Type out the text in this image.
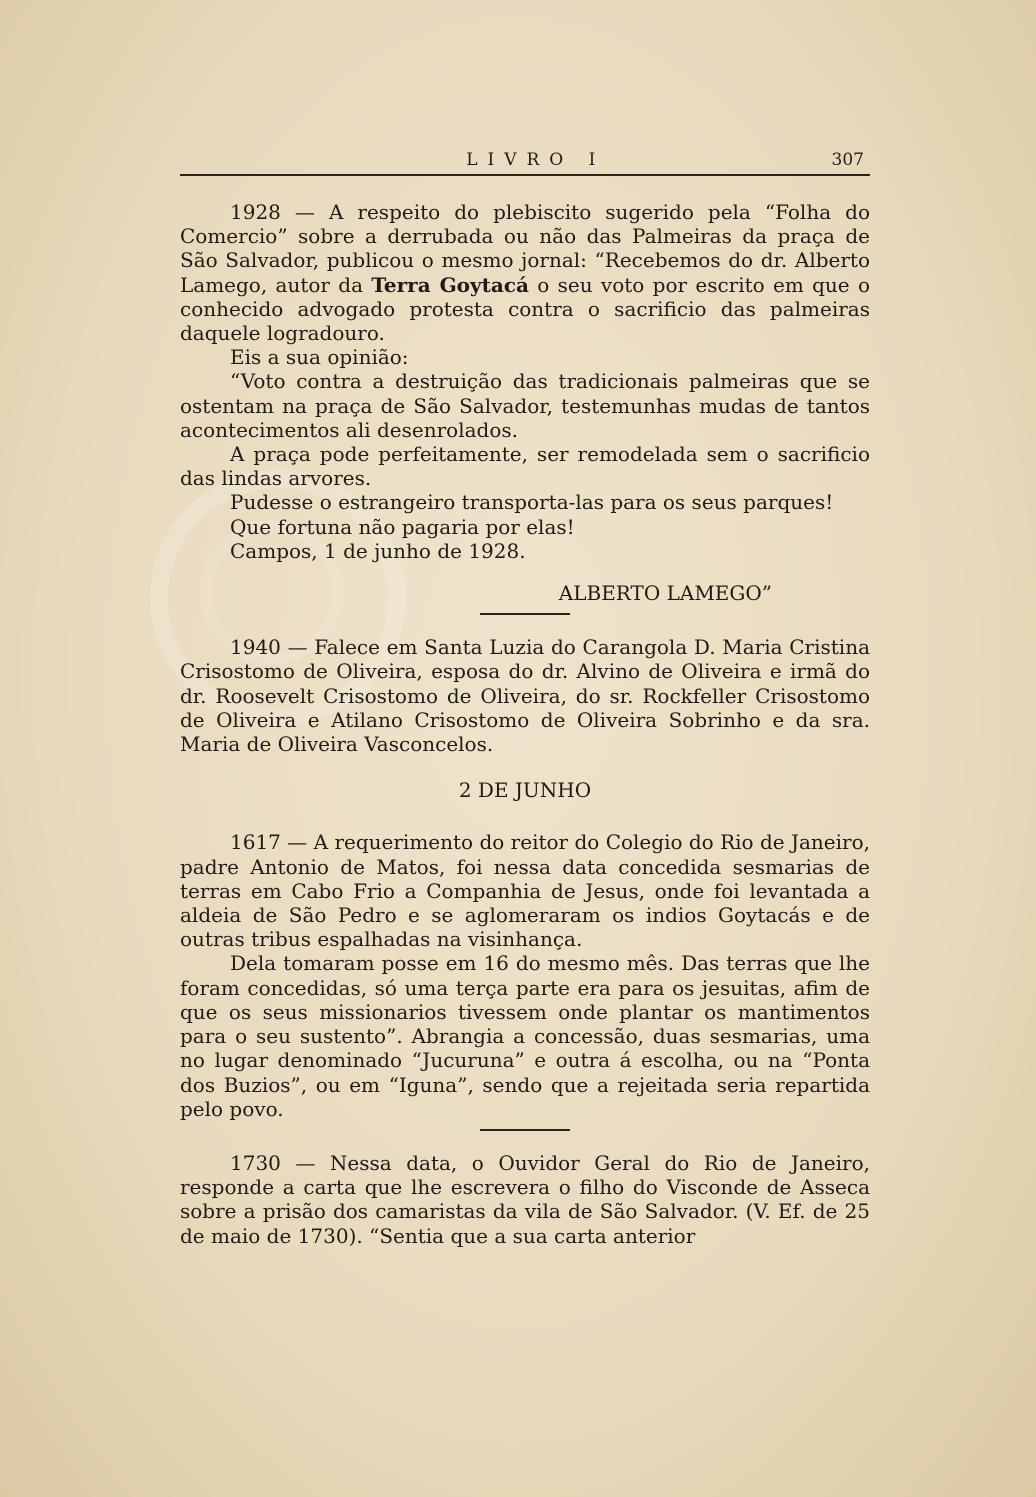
LIVRO I	307

1928 — A respeito do plebiscito sugerido pela “Folha do Comercio” sobre a derrubada ou não das Palmeiras da praça de São Salvador, publicou o mesmo jornal: “Recebemos do dr. Alberto Lamego, autor da Terra Goytacá o seu voto por escrito em que o conhecido advogado protesta contra o sacrificio das palmeiras daquele logradouro.

Eis a sua opinião:

“Voto contra a destruição das tradicionais palmeiras que se ostentam na praça de São Salvador, testemunhas mudas de tantos acontecimentos ali desenrolados.

A praça pode perfeitamente, ser remodelada sem o sacrificio das lindas arvores.

Pudesse o estrangeiro transporta-las para os seus parques!

Que fortuna não pagaria por elas!

Campos, 1 de junho de 1928.

ALBERTO LAMEGO”

1940 — Falece em Santa Luzia do Carangola D. Maria Cristina Crisostomo de Oliveira, esposa do dr. Alvino de Oliveira e irmã do dr. Roosevelt Crisostomo de Oliveira, do sr. Rockfeller Crisostomo de Oliveira e Atilano Crisostomo de Oliveira Sobrinho e da sra. Maria de Oliveira Vasconcelos.

2 DE JUNHO

1617 — A requerimento do reitor do Colegio do Rio de Janeiro, padre Antonio de Matos, foi nessa data concedida sesmarias de terras em Cabo Frio a Companhia de Jesus, onde foi levantada a aldeia de São Pedro e se aglomeraram os indios Goytacás e de outras tribus espalhadas na visinhança.

Dela tomaram posse em 16 do mesmo mês. Das terras que lhe foram concedidas, só uma terça parte era para os jesuitas, afim de que os seus missionarios tivessem onde plantar os mantimentos para o seu sustento”. Abrangia a concessão, duas sesmarias, uma no lugar denominado “Jucuruna” e outra á escolha, ou na “Ponta dos Buzios”, ou em “Iguna”, sendo que a rejeitada seria repartida pelo povo.

1730 — Nessa data, o Ouvidor Geral do Rio de Janeiro, responde a carta que lhe escrevera o filho do Visconde de Asseca sobre a prisão dos camaristas da vila de São Salvador. (V. Ef. de 25 de maio de 1730). “Sentia que a sua carta anterior
